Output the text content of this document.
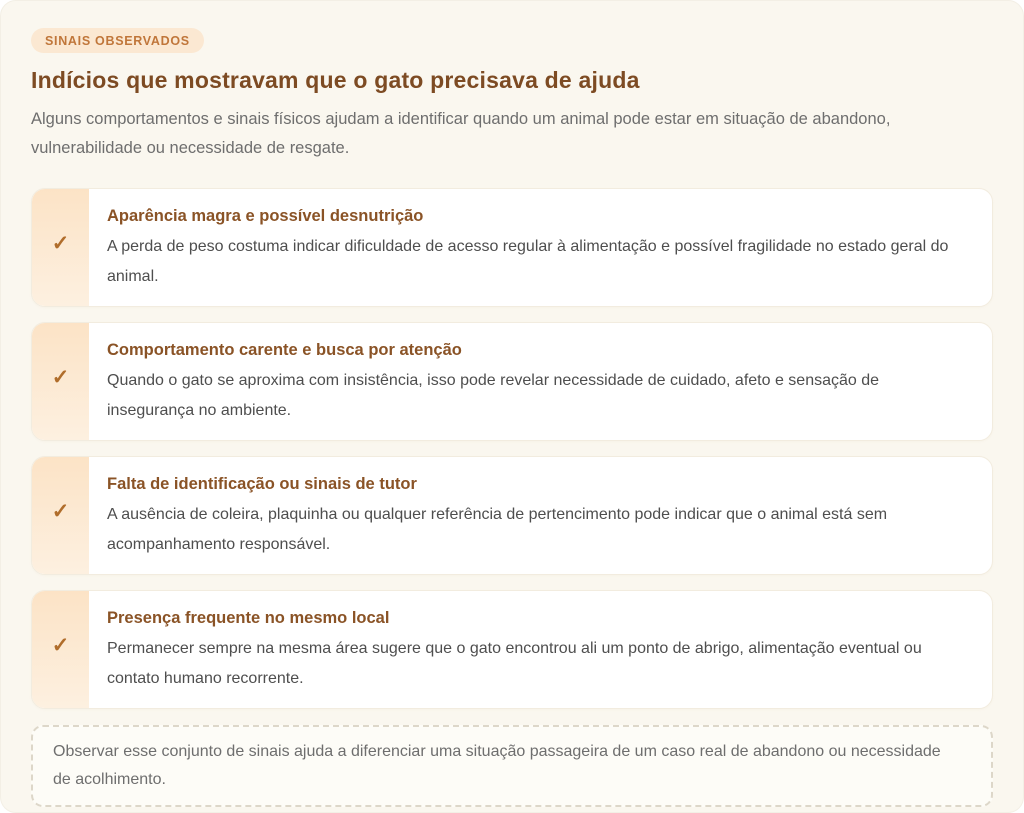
SINAIS OBSERVADOS
Indícios que mostravam que o gato precisava de ajuda

Alguns comportamentos e sinais físicos ajudam a identificar quando um animal pode estar em situação de abandono, vulnerabilidade ou necessidade de resgate.

✓
Aparência magra e possível desnutrição

A perda de peso costuma indicar dificuldade de acesso regular à alimentação e possível fragilidade no estado geral do animal.

✓
Comportamento carente e busca por atenção

Quando o gato se aproxima com insistência, isso pode revelar necessidade de cuidado, afeto e sensação de insegurança no ambiente.

✓
Falta de identificação ou sinais de tutor

A ausência de coleira, plaquinha ou qualquer referência de pertencimento pode indicar que o animal está sem acompanhamento responsável.

✓
Presença frequente no mesmo local

Permanecer sempre na mesma área sugere que o gato encontrou ali um ponto de abrigo, alimentação eventual ou contato humano recorrente.

Observar esse conjunto de sinais ajuda a diferenciar uma situação passageira de um caso real de abandono ou necessidade de acolhimento.
